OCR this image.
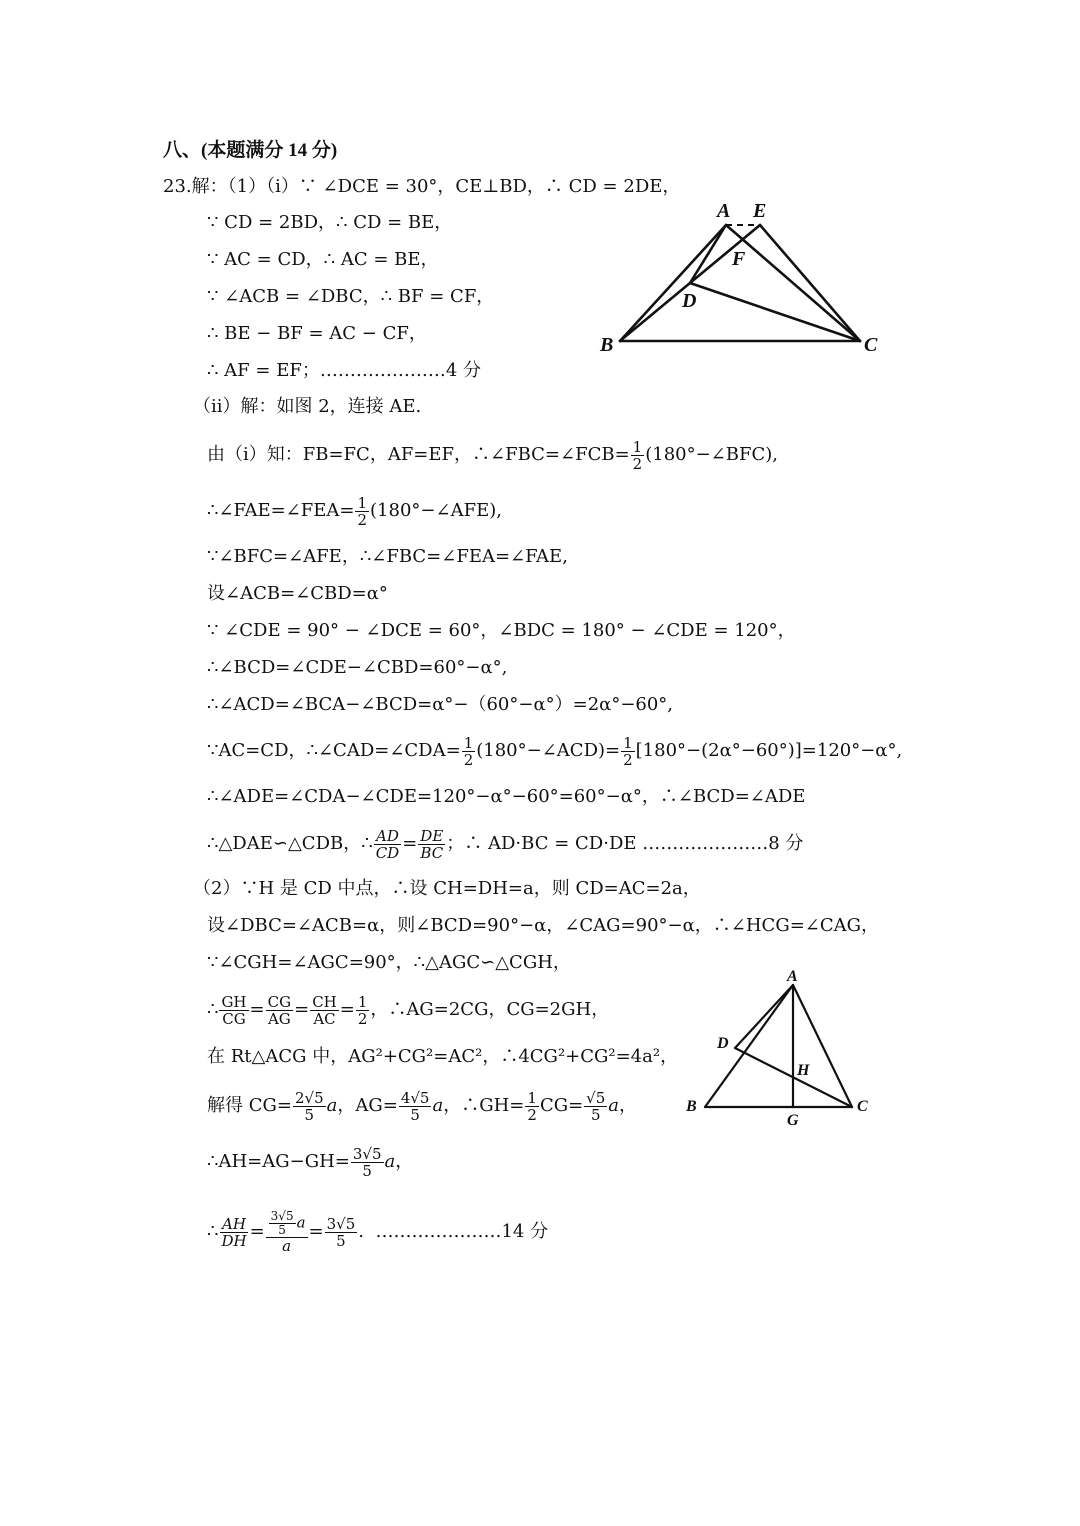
八、(本题满分 14 分)
23.解：（1）（i）∵ ∠DCE = 30°，CE⊥BD，∴ CD = 2DE，
∵ CD = 2BD，∴ CD = BE，
∵ AC = CD，∴ AC = BE，
∵ ∠ACB = ∠DBC，∴ BF = CF，
∴ BE − BF = AC − CF，
∴ AF = EF；…………………4 分
A E
F
D
B	C
（ii）解：如图 2，连接 AE.
由（i）知：FB=FC，AF=EF，∴∠FBC=∠FCB= $\frac{1}{2}$ (180°−∠BFC),
∴∠FAE=∠FEA= $\frac{1}{2}$ (180°−∠AFE),
∵∠BFC=∠AFE，∴∠FBC=∠FEA=∠FAE,
设∠ACB=∠CBD=α°
∵ ∠CDE = 90° − ∠DCE = 60°，∠BDC = 180° − ∠CDE = 120°，
∴∠BCD=∠CDE−∠CBD=60°−α°,
∴∠ACD=∠BCA−∠BCD=α°−（60°−α°）=2α°−60°,
∵AC=CD，∴∠CAD=∠CDA= $\frac{1}{2}$ (180°−∠ACD)= $\frac{1}{2} [180^\circ-(2\alpha^\circ-60^\circ)]=120^\circ-\alpha^\circ$,
∴∠ADE=∠CDA−∠CDE=120°−α°−60°=60°−α°，∴∠BCD=∠ADE
∴△DAE∽△CDB，∴ $\frac{AD}{CD} = \frac{DE}{BC}$ ；∴ AD·BC = CD·DE …………………8 分
（2）∵H 是 CD 中点，∴设 CH=DH=a，则 CD=AC=2a，
设∠DBC=∠ACB=α，则∠BCD=90°−α，∠CAG=90°−α，∴∠HCG=∠CAG，
∵∠CGH=∠AGC=90°，∴△AGC∽△CGH，
∴ $\frac{GH}{CG} = \frac{CG}{AG} = \frac{CH}{AC} = \frac{1}{2}$ ，∴AG=2CG，CG=2GH，
在 Rt△ACG 中，AG²+CG²=AC²，∴4CG²+CG²=4a²，
解得 $CG= \frac{2√5}{5}$ a，$AG= \frac{4√5}{5}$ a，∴GH= $\frac{1}{2} CG= \frac{√5}{5}$ a，
∴AH=AG−GH= $\frac{3√5}{5}$ a，
∴ $\frac{AH}{DH} = \frac{\frac{3√5}{5} a}{a} = \frac{3√5}{5}$ .  …………………14 分
A
D
H
B
G
C
